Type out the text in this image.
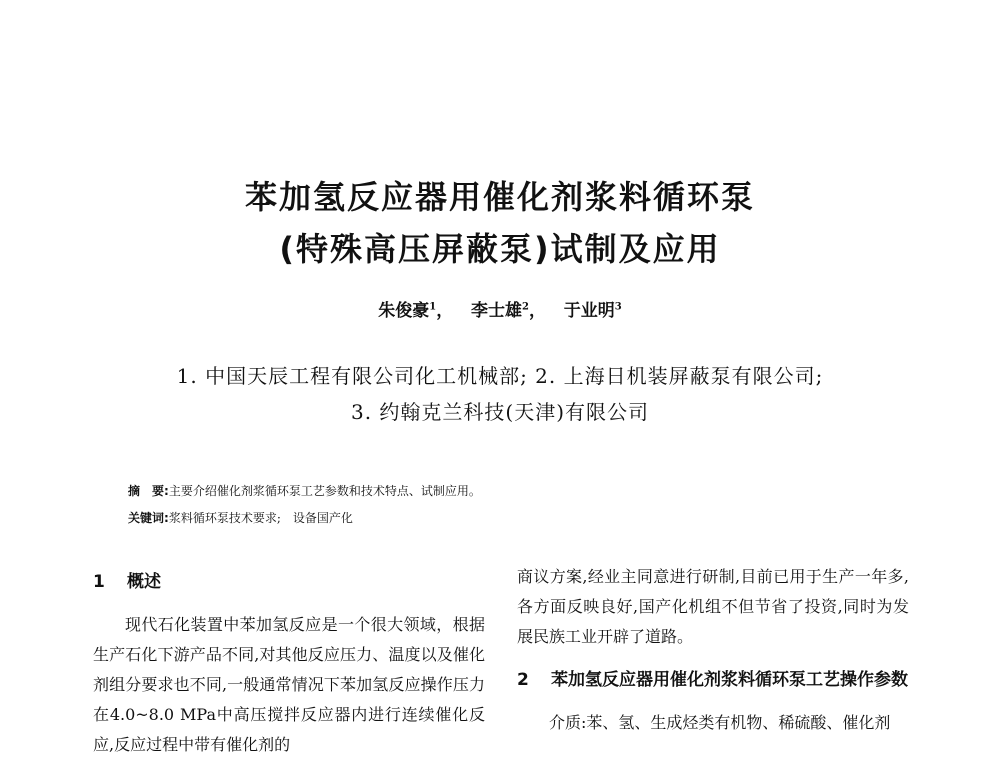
苯加氢反应器用催化剂浆料循环泵
(特殊高压屏蔽泵)试制及应用
朱俊豪$^1$， 李士雄$^2$， 于业明$^3$
1. 中国天辰工程有限公司化工机械部; 2. 上海日机装屏蔽泵有限公司;
3. 约翰克兰科技(天津)有限公司
摘　要:主要介绍催化剂浆循环泵工艺参数和技术特点、试制应用。
关键词:浆料循环泵技术要求;　设备国产化
1 概述

现代石化装置中苯加氢反应是一个很大领域，根据生产石化下游产品不同,对其他反应压力、温度以及催化剂组分要求也不同,一般通常情况下苯加氢反应操作压力在4.0~8.0 MPa中高压搅拌反应器内进行连续催化反应,反应过程中带有催化剂的

商议方案,经业主同意进行研制,目前已用于生产一年多,各方面反映良好,国产化机组不但节省了投资,同时为发展民族工业开辟了道路。

2	苯加氢反应器用催化剂浆料循环泵工艺操作参数

介质:苯、氢、生成烃类有机物、稀硫酸、催化剂
